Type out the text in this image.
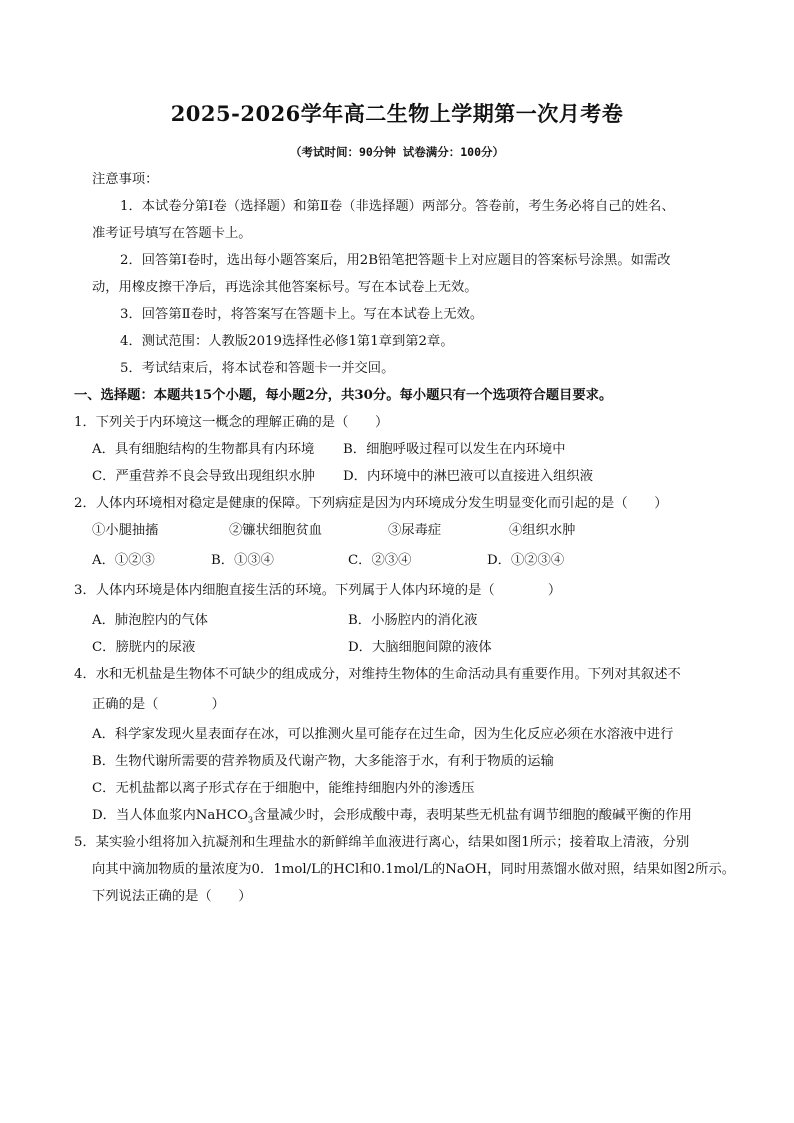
2025-2026学年高二生物上学期第一次月考卷
（考试时间：90分钟 试卷满分：100分）
注意事项：
1．本试卷分第Ⅰ卷（选择题）和第Ⅱ卷（非选择题）两部分。答卷前，考生务必将自己的姓名、
准考证号填写在答题卡上。
2．回答第Ⅰ卷时，选出每小题答案后，用2B铅笔把答题卡上对应题目的答案标号涂黑。如需改
动，用橡皮擦干净后，再选涂其他答案标号。写在本试卷上无效。
3．回答第Ⅱ卷时，将答案写在答题卡上。写在本试卷上无效。
4．测试范围：人教版2019选择性必修1第1章到第2章。
5．考试结束后，将本试卷和答题卡一并交回。
一、选择题：本题共15个小题，每小题2分，共30分。每小题只有一个选项符合题目要求。
1．下列关于内环境这一概念的理解正确的是（　　）
A．具有细胞结构的生物都具有内环境 B．细胞呼吸过程可以发生在内环境中
C．严重营养不良会导致出现组织水肿 D．内环境中的淋巴液可以直接进入组织液
2．人体内环境相对稳定是健康的保障。下列病症是因为内环境成分发生明显变化而引起的是（　　）
①小腿抽搐	②镰状细胞贫血	③尿毒症	④组织水肿
A．①②③	B．①③④	C．②③④	D．①②③④
3．人体内环境是体内细胞直接生活的环境。下列属于人体内环境的是（　　　　）
A．肺泡腔内的气体	B．小肠腔内的消化液
C．膀胱内的尿液	D．大脑细胞间隙的液体
4．水和无机盐是生物体不可缺少的组成成分，对维持生物体的生命活动具有重要作用。下列对其叙述不
正确的是（　　　　）
A．科学家发现火星表面存在冰，可以推测火星可能存在过生命，因为生化反应必须在水溶液中进行
B．生物代谢所需要的营养物质及代谢产物，大多能溶于水，有利于物质的运输
C．无机盐都以离子形式存在于细胞中，能维持细胞内外的渗透压
D．当人体血浆内NaHCO$_3$含量减少时，会形成酸中毒，表明某些无机盐有调节细胞的酸碱平衡的作用
5．某实验小组将加入抗凝剂和生理盐水的新鲜绵羊血液进行离心，结果如图1所示；接着取上清液，分别
向其中滴加物质的量浓度为0．1mol/L的HCl和0.1mol/L的NaOH，同时用蒸馏水做对照，结果如图2所示。
下列说法正确的是（　　）
